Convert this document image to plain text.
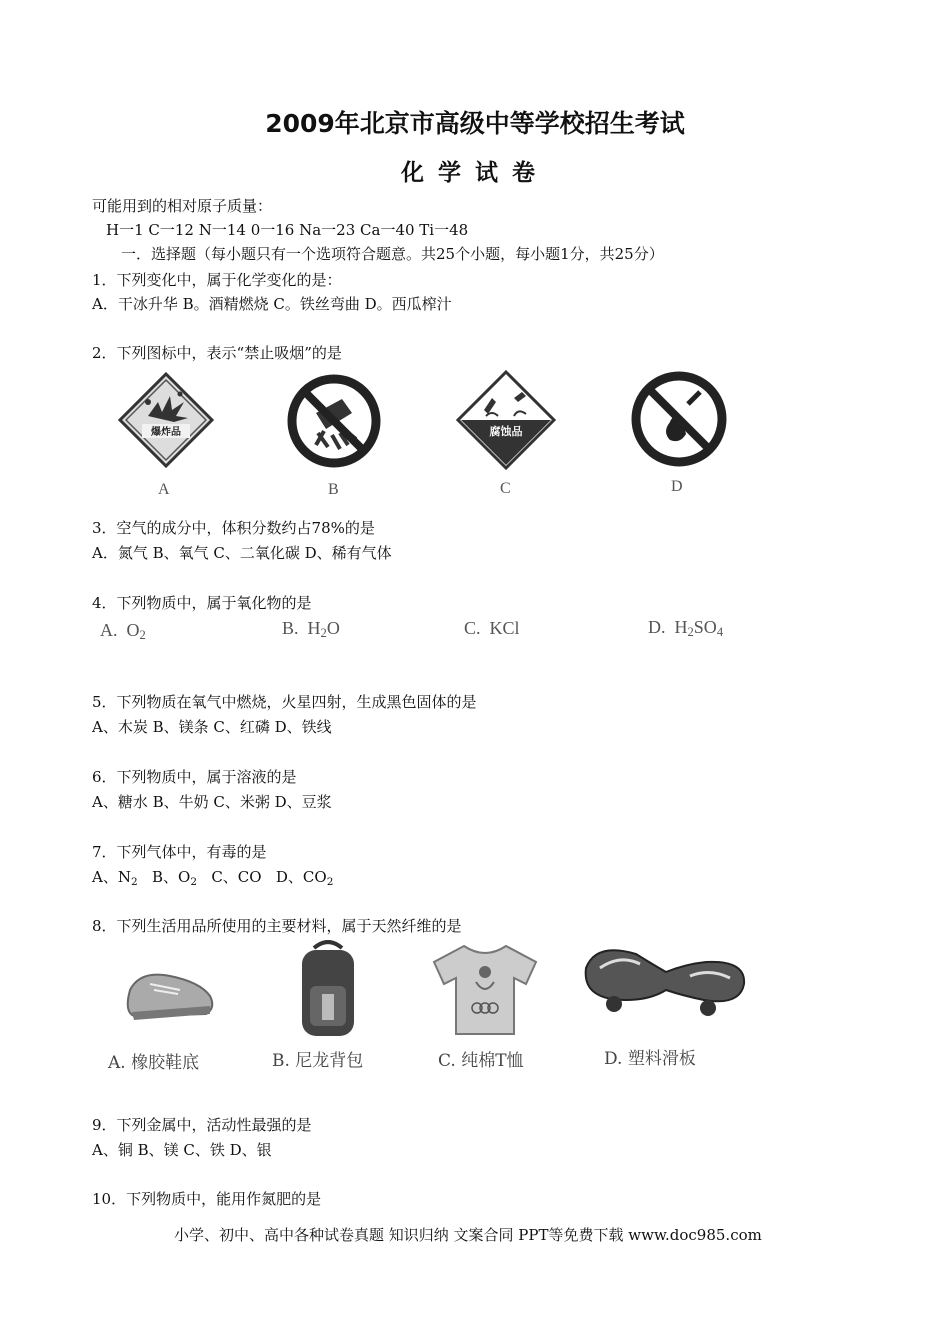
2009年北京市高级中等学校招生考试
化学试卷
可能用到的相对原子质量：
H一1 C一12 N一14 0一16 Na一23 Ca一40 Ti一48
一．选择题（每小题只有一个选项符合题意。共25个小题，每小题1分，共25分）
1．下列变化中，属于化学变化的是：
A．干冰升华 B。酒精燃烧 C。铁丝弯曲 D。西瓜榨汁
2．下列图标中，表示“禁止吸烟”的是
爆炸品
A	B
腐蚀品
C	D
3．空气的成分中，体积分数约占78%的是
A．氮气 B、氧气 C、二氧化碳 D、稀有气体
4．下列物质中，属于氧化物的是
A. $O_2$	B. $H_2O$	C. KCl	D. $H_2SO_4$
5．下列物质在氧气中燃烧，火星四射，生成黑色固体的是
A、木炭 B、镁条 C、红磷 D、铁线
6．下列物质中，属于溶液的是
A、糖水 B、牛奶 C、米粥 D、豆浆
7．下列气体中，有毒的是
A、$N_2$ B、$O_2$ C、CO D、$CO_2$
8．下列生活用品所使用的主要材料，属于天然纤维的是
A. 橡胶鞋底	B. 尼龙背包	C. 纯棉T恤	D. 塑料滑板
9．下列金属中，活动性最强的是
A、铜 B、镁 C、铁 D、银
10．下列物质中，能用作氮肥的是
小学、初中、高中各种试卷真题 知识归纳 文案合同 PPT等免费下载 www.doc985.com
